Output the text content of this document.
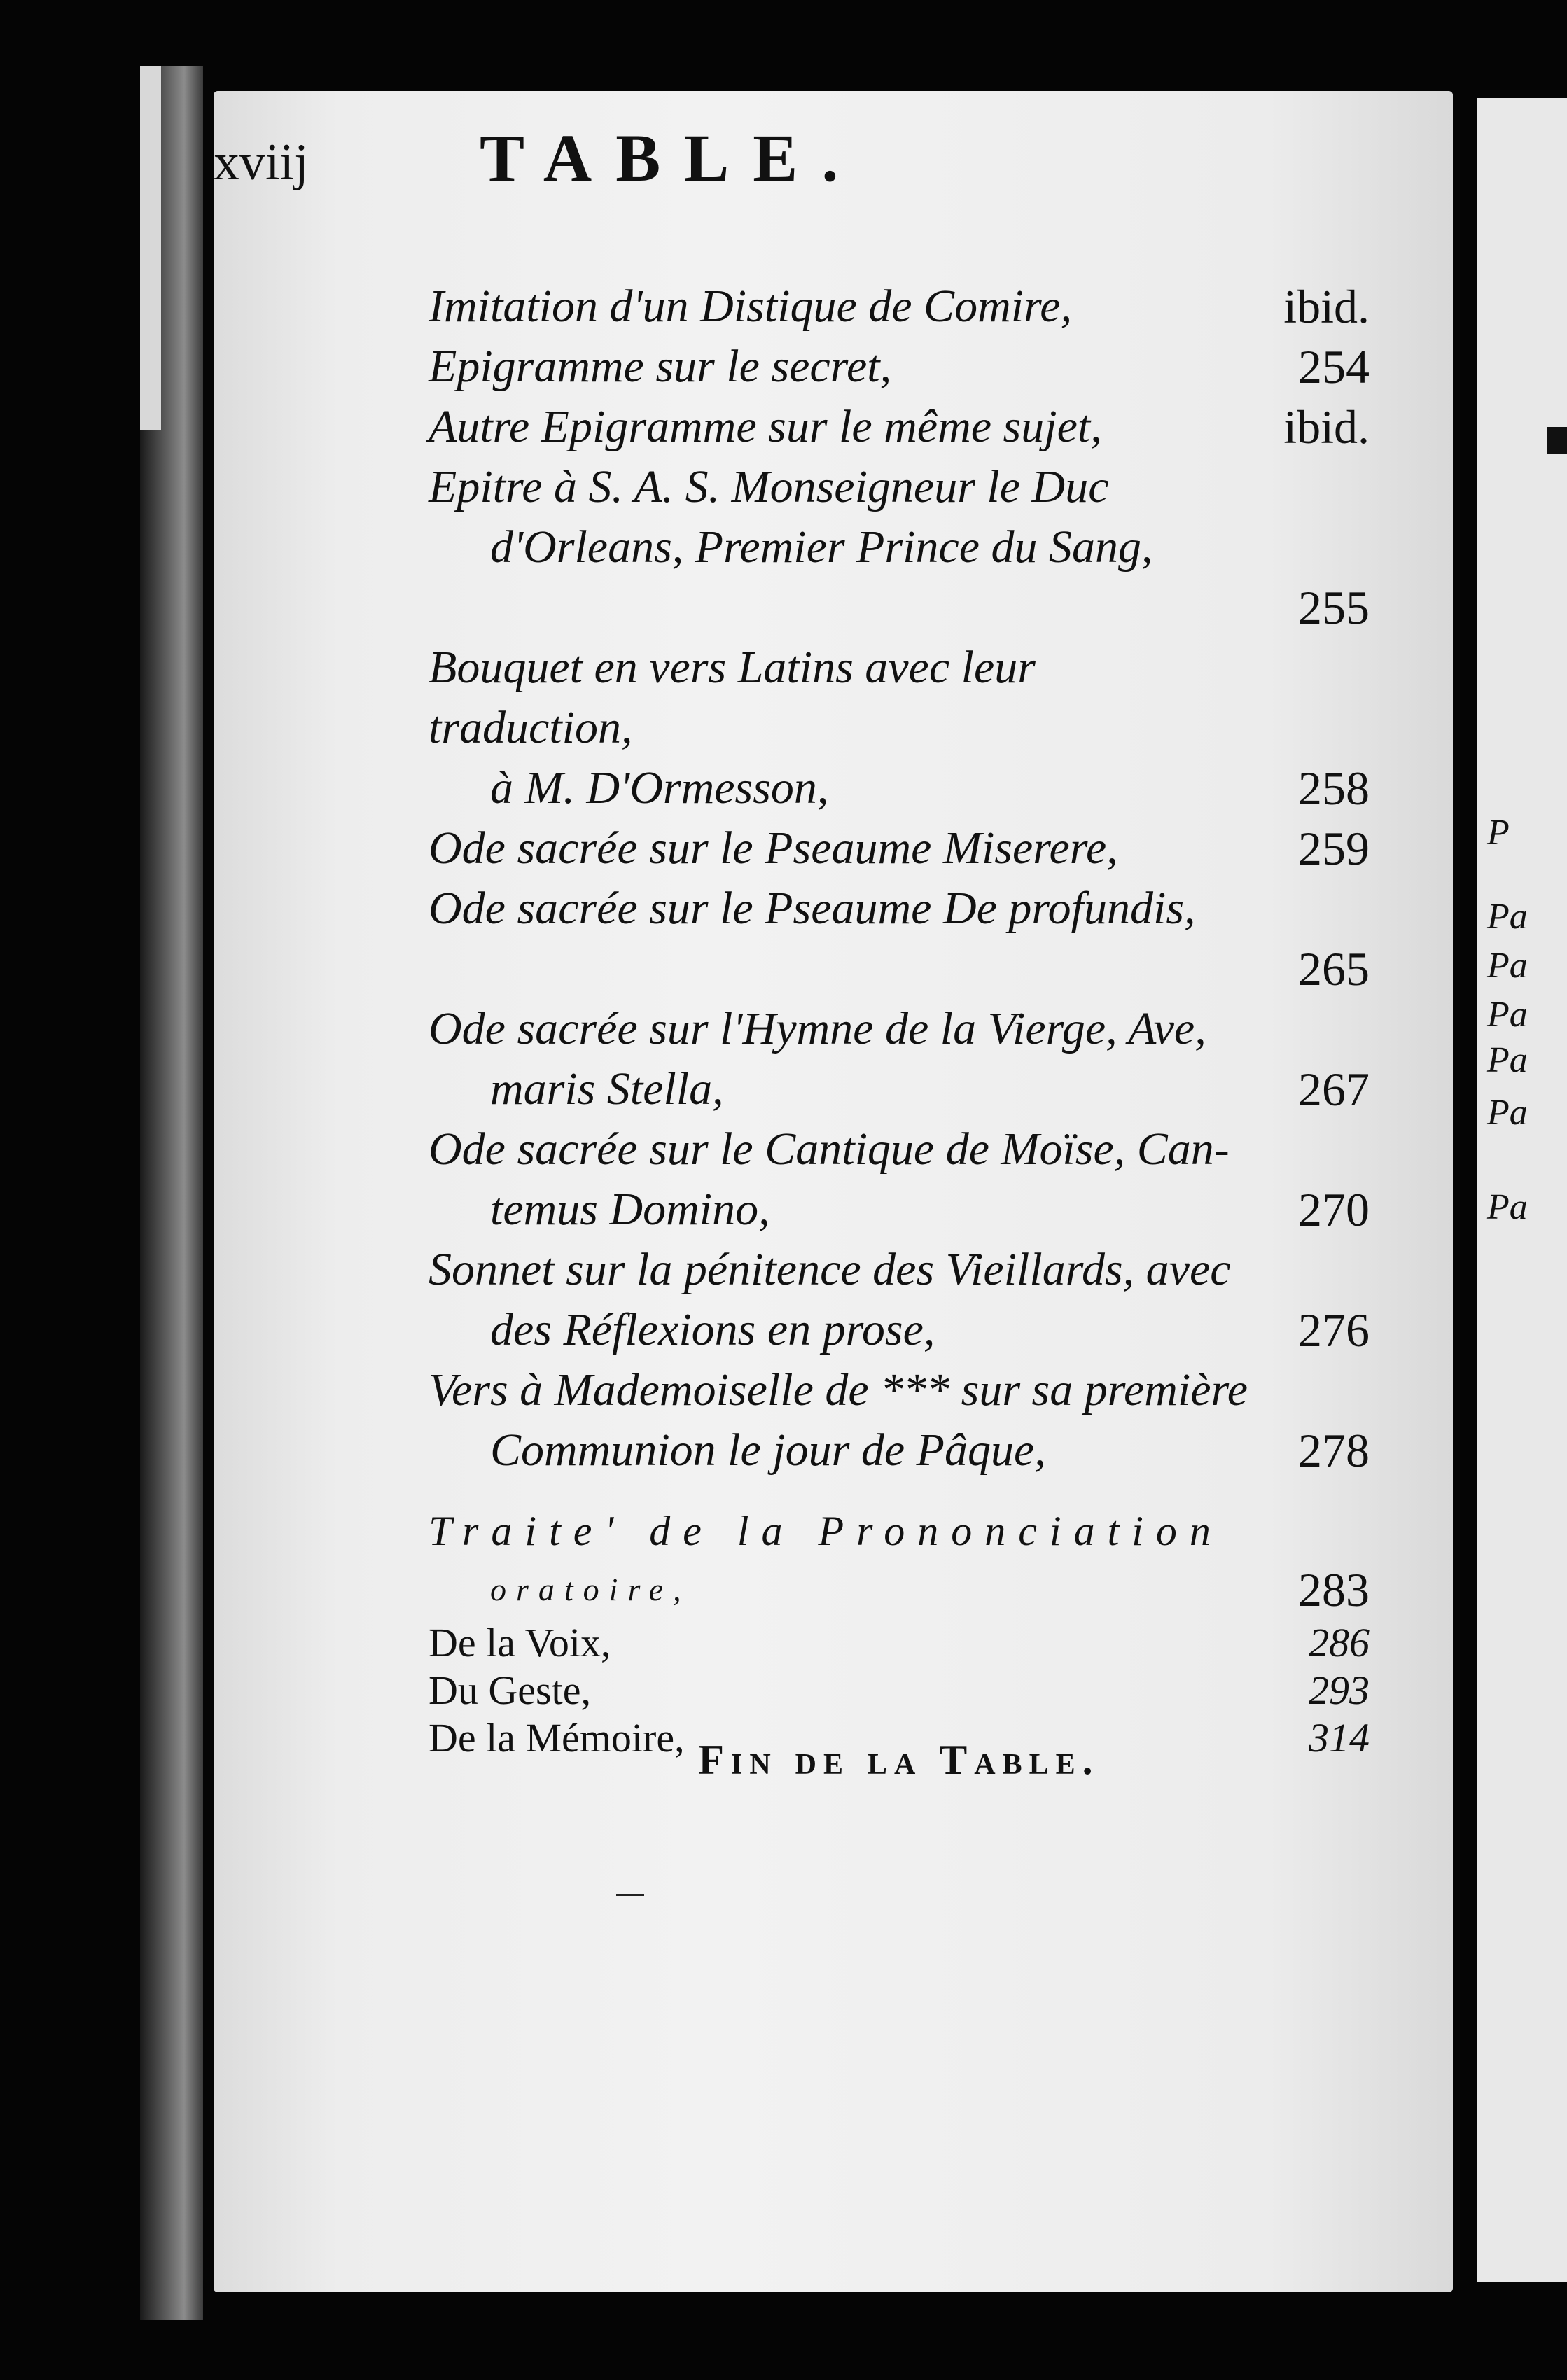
P
Pa
Pa
Pa
Pa
Pa
Pa
xviij	TABLE.
Imitation d'un Distique de Comire,	ibid.
Epigramme sur le secret,	254
Autre Epigramme sur le même sujet,	ibid.
Epitre à S. A. S. Monseigneur le Duc
d'Orleans, Premier Prince du Sang,
255
Bouquet en vers Latins avec leur traduction,
à M. D'Ormesson,	258
Ode sacrée sur le Pseaume Miserere,	259
Ode sacrée sur le Pseaume De profundis,
265
Ode sacrée sur l'Hymne de la Vierge, Ave,
maris Stella,	267
Ode sacrée sur le Cantique de Moïse, Can-
temus Domino,	270
Sonnet sur la pénitence des Vieillards, avec
des Réflexions en prose,	276
Vers à Mademoiselle de *** sur sa première
Communion le jour de Pâque,	278
Traite' de la Prononciation
oratoire,	283
De la Voix,	286
Du Geste,	293
De la Mémoire,	314
Fin de la Table.
